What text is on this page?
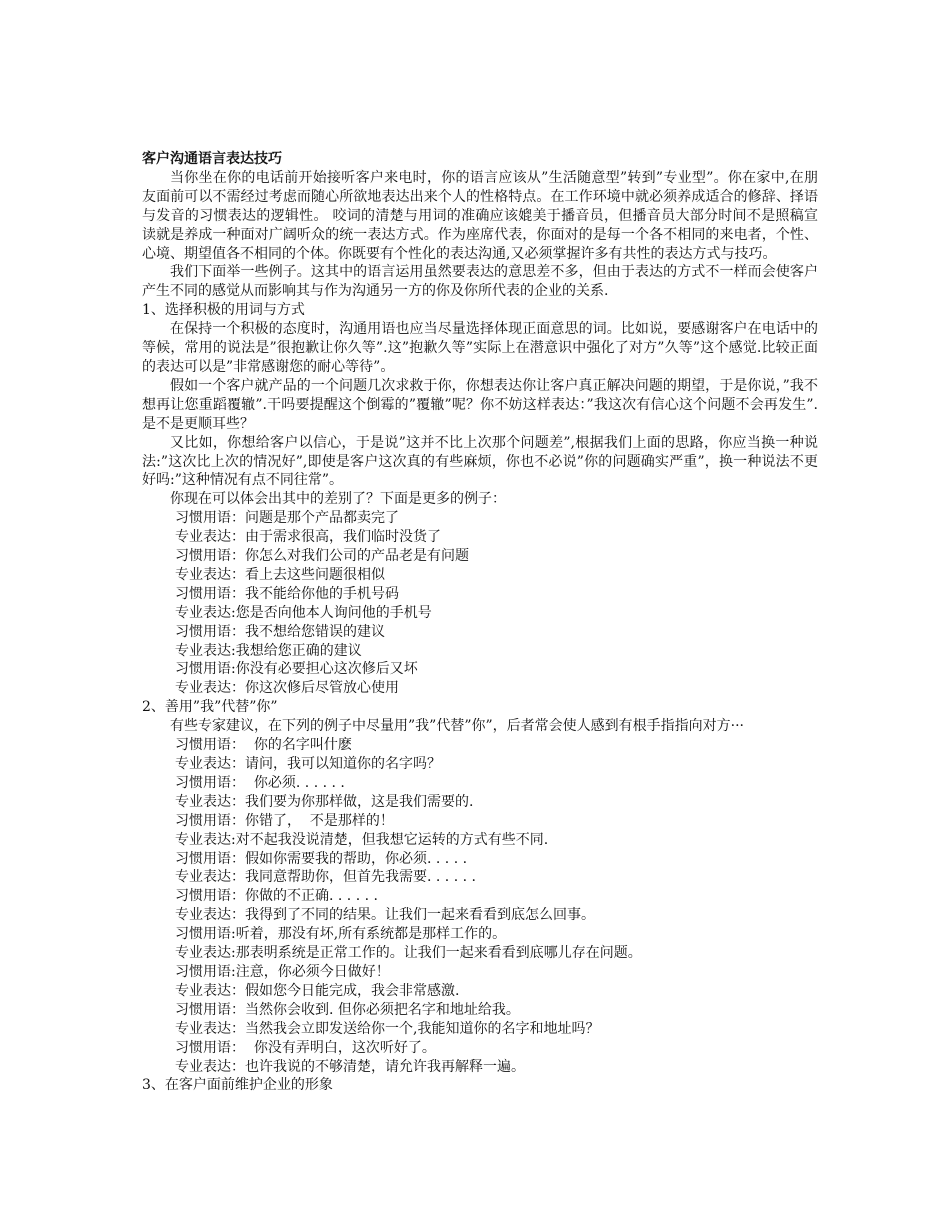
客户沟通语言表达技巧

当你坐在你的电话前开始接听客户来电时，你的语言应该从”生活随意型”转到”专业型”。你在家中,在朋友面前可以不需经过考虑而随心所欲地表达出来个人的性格特点。在工作环境中就必须养成适合的修辞、择语与发音的习惯表达的逻辑性。 咬词的清楚与用词的准确应该媲美于播音员，但播音员大部分时间不是照稿宣读就是养成一种面对广阔听众的统一表达方式。作为座席代表，你面对的是每一个各不相同的来电者，个性、心境、期望值各不相同的个体。你既要有个性化的表达沟通,又必须掌握许多有共性的表达方式与技巧。

我们下面举一些例子。这其中的语言运用虽然要表达的意思差不多，但由于表达的方式不一样而会使客户产生不同的感觉从而影响其与作为沟通另一方的你及你所代表的企业的关系.

1、选择积极的用词与方式

在保持一个积极的态度时，沟通用语也应当尽量选择体现正面意思的词。比如说，要感谢客户在电话中的等候，常用的说法是”很抱歉让你久等”.这”抱歉久等”实际上在潜意识中强化了对方”久等”这个感觉.比较正面的表达可以是”非常感谢您的耐心等待”。

假如一个客户就产品的一个问题几次求救于你，你想表达你让客户真正解决问题的期望，于是你说，”我不想再让您重蹈覆辙”.干吗要提醒这个倒霉的”覆辙”呢？你不妨这样表达：”我这次有信心这个问题不会再发生”.是不是更顺耳些？

又比如，你想给客户以信心，于是说”这并不比上次那个问题差”,根据我们上面的思路，你应当换一种说法:”这次比上次的情况好”,即使是客户这次真的有些麻烦，你也不必说”你的问题确实严重”，换一种说法不更好吗:”这种情况有点不同往常”。

你现在可以体会出其中的差别了？下面是更多的例子：

习惯用语：问题是那个产品都卖完了

专业表达：由于需求很高，我们临时没货了

习惯用语：你怎么对我们公司的产品老是有问题

专业表达：看上去这些问题很相似

习惯用语：我不能给你他的手机号码

专业表达:您是否向他本人询问他的手机号

习惯用语：我不想给您错误的建议

专业表达:我想给您正确的建议

习惯用语:你没有必要担心这次修后又坏

专业表达：你这次修后尽管放心使用

2、善用”我”代替”你”

有些专家建议，在下列的例子中尽量用”我”代替”你”，后者常会使人感到有根手指指向对方···

习惯用语：  你的名字叫什麽

专业表达：请问，我可以知道你的名字吗？

习惯用语：  你必须. . . . . .

专业表达：我们要为你那样做，这是我们需要的.

习惯用语：你错了，  不是那样的！

专业表达:对不起我没说清楚，但我想它运转的方式有些不同.

习惯用语：假如你需要我的帮助，你必须. . . . .

专业表达：我同意帮助你，但首先我需要. . . . . .

习惯用语：你做的不正确. . . . . .

专业表达：我得到了不同的结果。让我们一起来看看到底怎么回事。

习惯用语:听着，那没有坏,所有系统都是那样工作的。

专业表达:那表明系统是正常工作的。让我们一起来看看到底哪儿存在问题。

习惯用语:注意，你必须今日做好！

专业表达：假如您今日能完成，我会非常感激.

习惯用语：当然你会收到. 但你必须把名字和地址给我。

专业表达：当然我会立即发送给你一个,我能知道你的名字和地址吗？

习惯用语：  你没有弄明白，这次听好了。

专业表达：也许我说的不够清楚，请允许我再解释一遍。

3、在客户面前维护企业的形象
